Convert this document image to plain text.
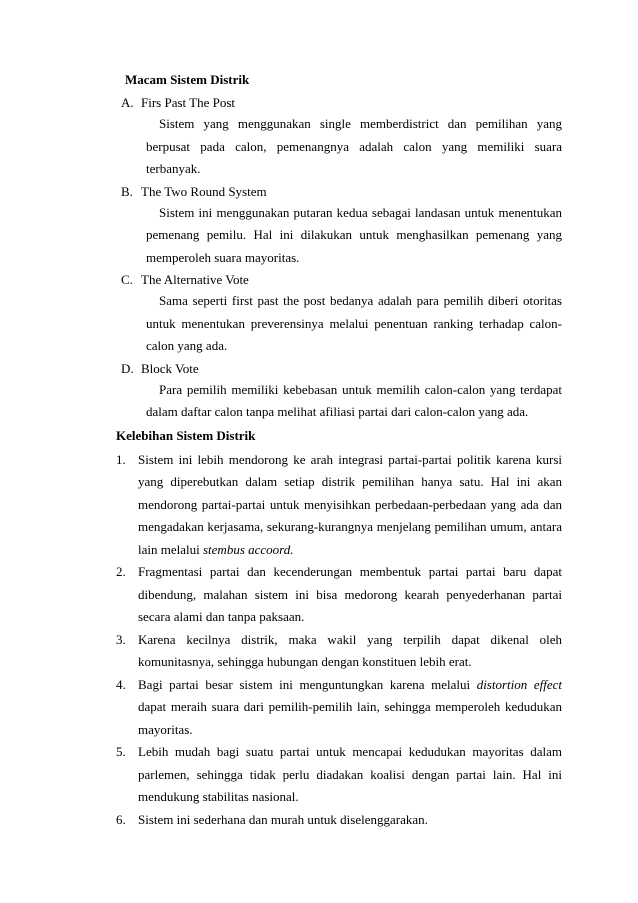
Macam Sistem Distrik
A. Firs Past The Post
Sistem yang menggunakan single memberdistrict dan pemilihan yang berpusat pada calon, pemenangnya adalah calon yang memiliki suara terbanyak.
B. The Two Round System
Sistem ini menggunakan putaran kedua sebagai landasan untuk menentukan pemenang pemilu. Hal ini dilakukan untuk menghasilkan pemenang yang memperoleh suara mayoritas.
C. The Alternative Vote
Sama seperti first past the post bedanya adalah para pemilih diberi otoritas untuk menentukan preverensinya melalui penentuan ranking terhadap calon-calon yang ada.
D. Block Vote
Para pemilih memiliki kebebasan untuk memilih calon-calon yang terdapat dalam daftar calon tanpa melihat afiliasi partai dari calon-calon yang ada.
Kelebihan Sistem Distrik
1. Sistem ini lebih mendorong ke arah integrasi partai-partai politik karena kursi yang diperebutkan dalam setiap distrik pemilihan hanya satu. Hal ini akan mendorong partai-partai untuk menyisihkan perbedaan-perbedaan yang ada dan mengadakan kerjasama, sekurang-kurangnya menjelang pemilihan umum, antara lain melalui stembus accoord.
2. Fragmentasi partai dan kecenderungan membentuk partai partai baru dapat dibendung, malahan sistem ini bisa medorong kearah penyederhanan partai secara alami dan tanpa paksaan.
3. Karena kecilnya distrik, maka wakil yang terpilih dapat dikenal oleh komunitasnya, sehingga hubungan dengan konstituen lebih erat.
4. Bagi partai besar sistem ini menguntungkan karena melalui distortion effect dapat meraih suara dari pemilih-pemilih lain, sehingga memperoleh kedudukan mayoritas.
5. Lebih mudah bagi suatu partai untuk mencapai kedudukan mayoritas dalam parlemen, sehingga tidak perlu diadakan koalisi dengan partai lain. Hal ini mendukung stabilitas nasional.
6. Sistem ini sederhana dan murah untuk diselenggarakan.
